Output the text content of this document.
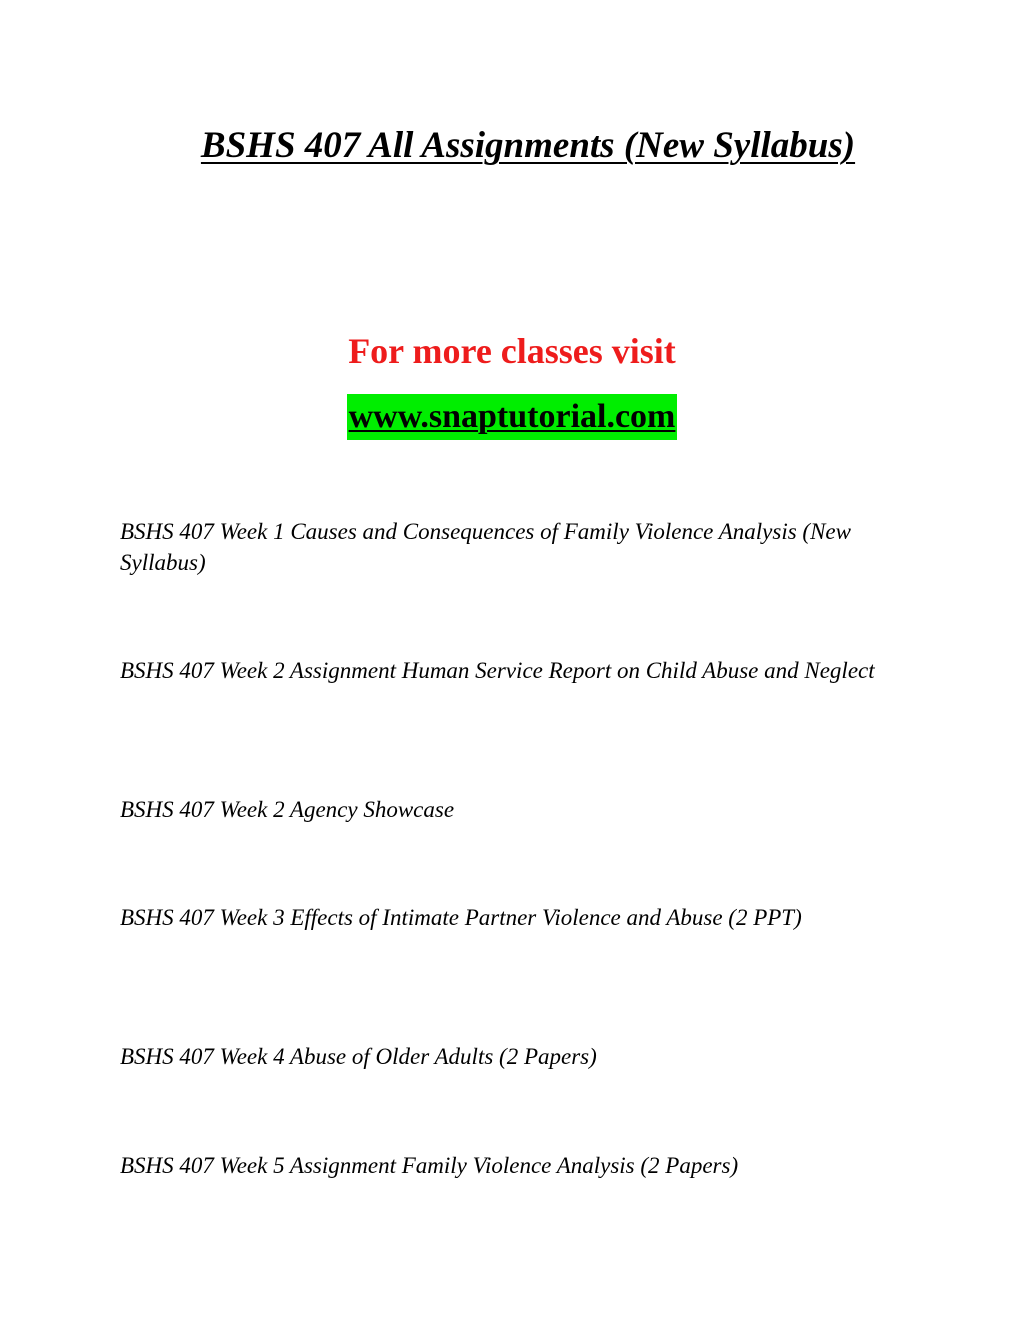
BSHS 407 All Assignments (New Syllabus)
For more classes visit
www.snaptutorial.com
BSHS 407 Week 1 Causes and Consequences of Family Violence Analysis (New Syllabus)
BSHS 407 Week 2 Assignment Human Service Report on Child Abuse and Neglect
BSHS 407 Week 2 Agency Showcase
BSHS 407 Week 3 Effects of Intimate Partner Violence and Abuse (2 PPT)
BSHS 407 Week 4 Abuse of Older Adults (2 Papers)
BSHS 407 Week 5 Assignment Family Violence Analysis (2 Papers)
